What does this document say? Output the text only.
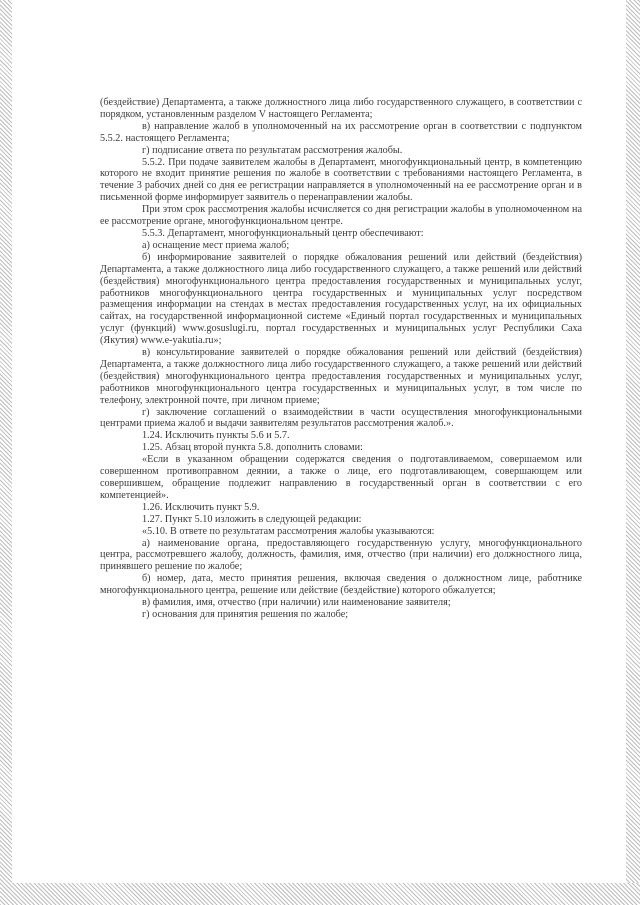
(бездействие) Департамента, а также должностного лица либо государственного служащего, в соответствии с порядком, установленным разделом V настоящего Регламента;

в) направление жалоб в уполномоченный на их рассмотрение орган в соответствии с подпунктом 5.5.2. настоящего Регламента;

г) подписание ответа по результатам рассмотрения жалобы.

5.5.2. При подаче заявителем жалобы в Департамент, многофункциональный центр, в компетенцию которого не входит принятие решения по жалобе в соответствии с требованиями настоящего Регламента, в течение 3 рабочих дней со дня ее регистрации направляется в уполномоченный на ее рассмотрение орган и в письменной форме информирует заявитель о перенаправлении жалобы.

При этом срок рассмотрения жалобы исчисляется со дня регистрации жалобы в уполномоченном на ее рассмотрение органе, многофункциональном центре.

5.5.3. Департамент, многофункциональный центр обеспечивают:

а) оснащение мест приема жалоб;

б) информирование заявителей о порядке обжалования решений или действий (бездействия) Департамента, а также должностного лица либо государственного служащего, а также решений или действий (бездействия) многофункционального центра предоставления государственных и муниципальных услуг, работников многофункционального центра государственных и муниципальных услуг посредством размещения информации на стендах в местах предоставления государственных услуг, на их официальных сайтах, на государственной информационной системе «Единый портал государственных и муниципальных услуг (функций) www.gosuslugi.ru, портал государственных и муниципальных услуг Республики Саха (Якутия) www.e-yakutia.ru»;

в) консультирование заявителей о порядке обжалования решений или действий (бездействия) Департамента, а также должностного лица либо государственного служащего, а также решений или действий (бездействия) многофункционального центра предоставления государственных и муниципальных услуг, работников многофункционального центра государственных и муниципальных услуг, в том числе по телефону, электронной почте, при личном приеме;

г) заключение соглашений о взаимодействии в части осуществления многофункциональными центрами приема жалоб и выдачи заявителям результатов рассмотрения жалоб.».

1.24. Исключить пункты 5.6 и 5.7.

1.25. Абзац второй пункта 5.8. дополнить словами:

«Если в указанном обращении содержатся сведения о подготавливаемом, совершаемом или совершенном противоправном деянии, а также о лице, его подготавливающем, совершающем или совершившем, обращение подлежит направлению в государственный орган в соответствии с его компетенцией».

1.26. Исключить пункт 5.9.

1.27. Пункт 5.10 изложить в следующей редакции:

«5.10. В ответе по результатам рассмотрения жалобы указываются:

а) наименование органа, предоставляющего государственную услугу, многофункционального центра, рассмотревшего жалобу, должность, фамилия, имя, отчество (при наличии) его должностного лица, принявшего решение по жалобе;

б) номер, дата, место принятия решения, включая сведения о должностном лице, работнике многофункционального центра, решение или действие (бездействие) которого обжалуется;

в) фамилия, имя, отчество (при наличии) или наименование заявителя;

г) основания для принятия решения по жалобе;
